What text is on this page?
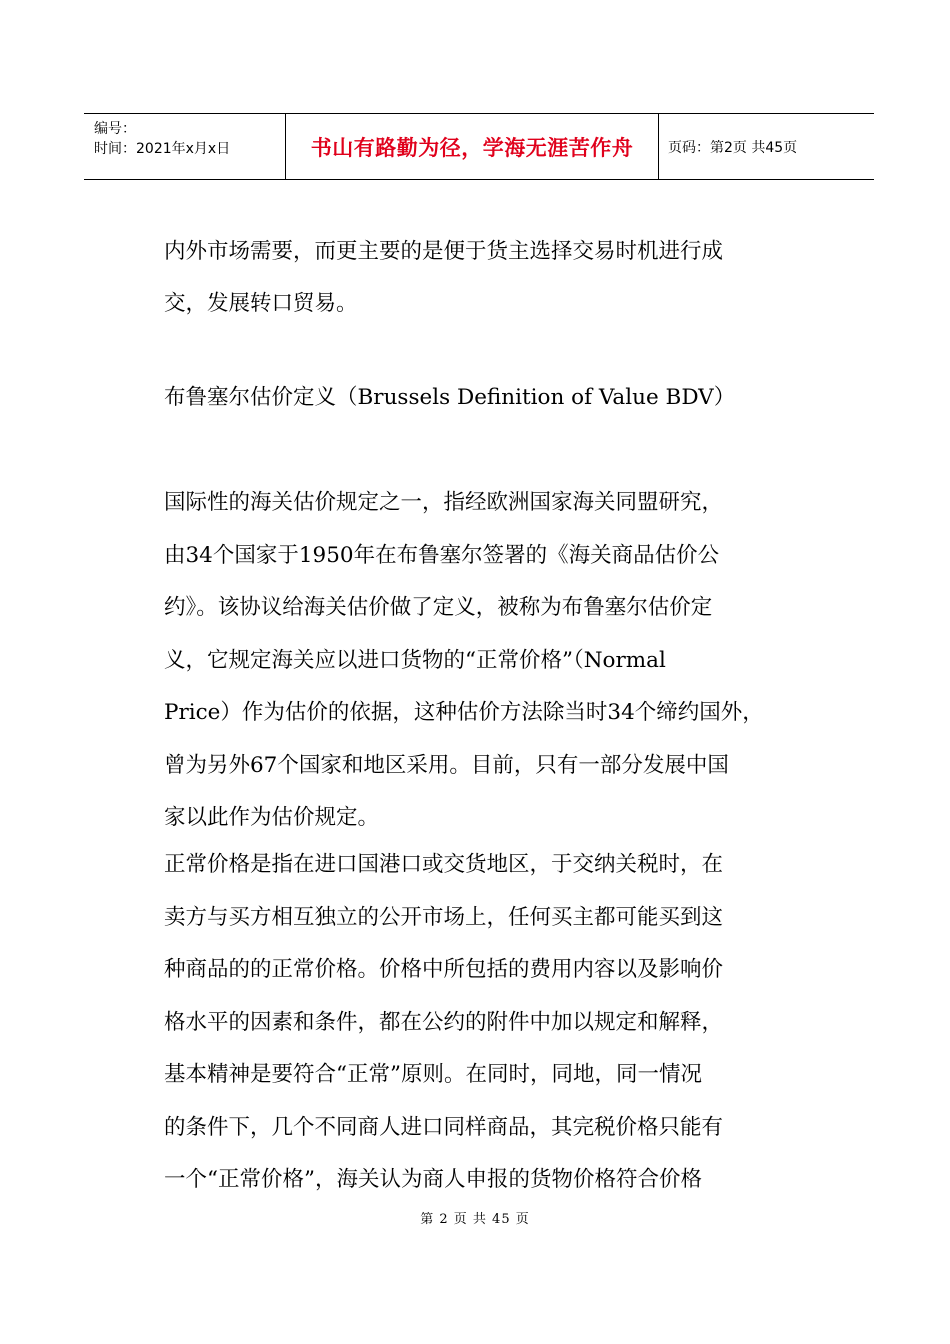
编号：
时间：2021年x月x日	书山有路勤为径，学海无涯苦作舟 页码：第2页 共45页
内外市场需要，而更主要的是便于货主选择交易时机进行成
交，发展转口贸易。
布鲁塞尔估价定义（Brussels Definition of Value BDV）
国际性的海关估价规定之一，指经欧洲国家海关同盟研究，
由34个国家于1950年在布鲁塞尔签署的《海关商品估价公
约》。该协议给海关估价做了定义，被称为布鲁塞尔估价定
义，它规定海关应以进口货物的“正常价格”（Normal
Price）作为估价的依据，这种估价方法除当时34个缔约国外，
曾为另外67个国家和地区采用。目前，只有一部分发展中国
家以此作为估价规定。
正常价格是指在进口国港口或交货地区，于交纳关税时，在
卖方与买方相互独立的公开市场上，任何买主都可能买到这
种商品的的正常价格。价格中所包括的费用内容以及影响价
格水平的因素和条件，都在公约的附件中加以规定和解释，
基本精神是要符合“正常”原则。在同时，同地，同一情况
的条件下，几个不同商人进口同样商品，其完税价格只能有
一个“正常价格”，海关认为商人申报的货物价格符合价格
第 2 页 共 45 页
